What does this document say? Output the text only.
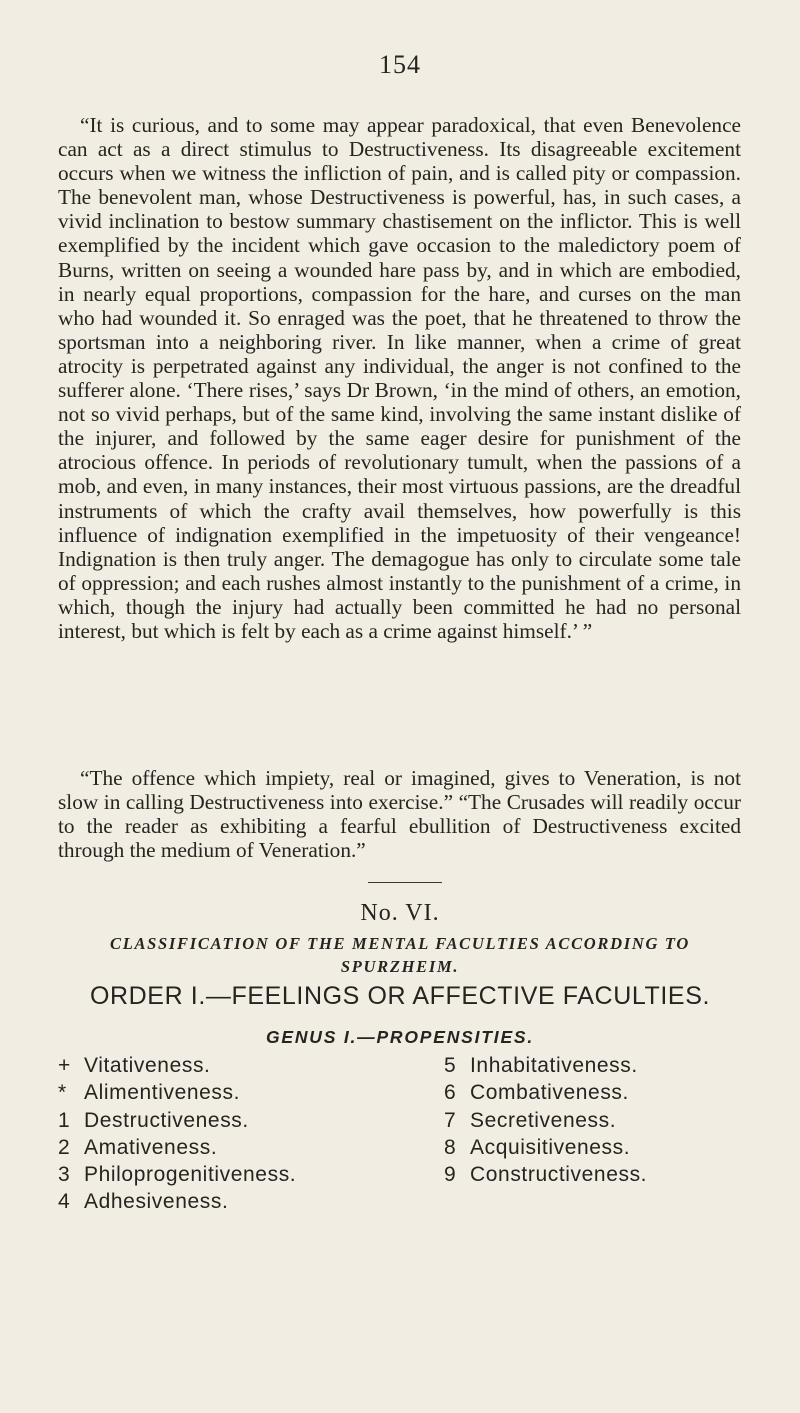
154

“It is curious, and to some may appear paradoxical, that even Benevolence can act as a direct stimulus to Destructiveness. Its disagreeable excitement occurs when we witness the infliction of pain, and is called pity or compassion. The benevolent man, whose Destructiveness is powerful, has, in such cases, a vivid inclination to bestow summary chastisement on the inflictor. This is well exemplified by the incident which gave occasion to the maledictory poem of Burns, written on seeing a wounded hare pass by, and in which are embodied, in nearly equal proportions, compassion for the hare, and curses on the man who had wounded it. So enraged was the poet, that he threatened to throw the sportsman into a neighboring river. In like manner, when a crime of great atrocity is perpetrated against any individual, the anger is not confined to the sufferer alone. ‘There rises,’ says Dr Brown, ‘in the mind of others, an emotion, not so vivid perhaps, but of the same kind, involving the same instant dislike of the injurer, and followed by the same eager desire for punishment of the atrocious offence. In periods of revolutionary tumult, when the passions of a mob, and even, in many instances, their most virtuous passions, are the dreadful instruments of which the crafty avail themselves, how powerfully is this influence of indignation exemplified in the impetuosity of their vengeance! Indignation is then truly anger. The demagogue has only to circulate some tale of oppression; and each rushes almost instantly to the punishment of a crime, in which, though the injury had actually been committed he had no personal interest, but which is felt by each as a crime against himself.’ ”

“The offence which impiety, real or imagined, gives to Veneration, is not slow in calling Destructiveness into exercise.” “The Crusades will readily occur to the reader as exhibiting a fearful ebullition of Destructiveness excited through the medium of Veneration.”

No. VI.
CLASSIFICATION OF THE MENTAL FACULTIES ACCORDING TO SPURZHEIM.
ORDER I.—FEELINGS OR AFFECTIVE FACULTIES.
GENUS I.—PROPENSITIES.
+ Vitativeness.
* Alimentiveness.
1 Destructiveness.
2 Amativeness.
3 Philoprogenitiveness.
4 Adhesiveness.
5 Inhabitativeness.
6 Combativeness.
7 Secretiveness.
8 Acquisitiveness.
9 Constructiveness.
